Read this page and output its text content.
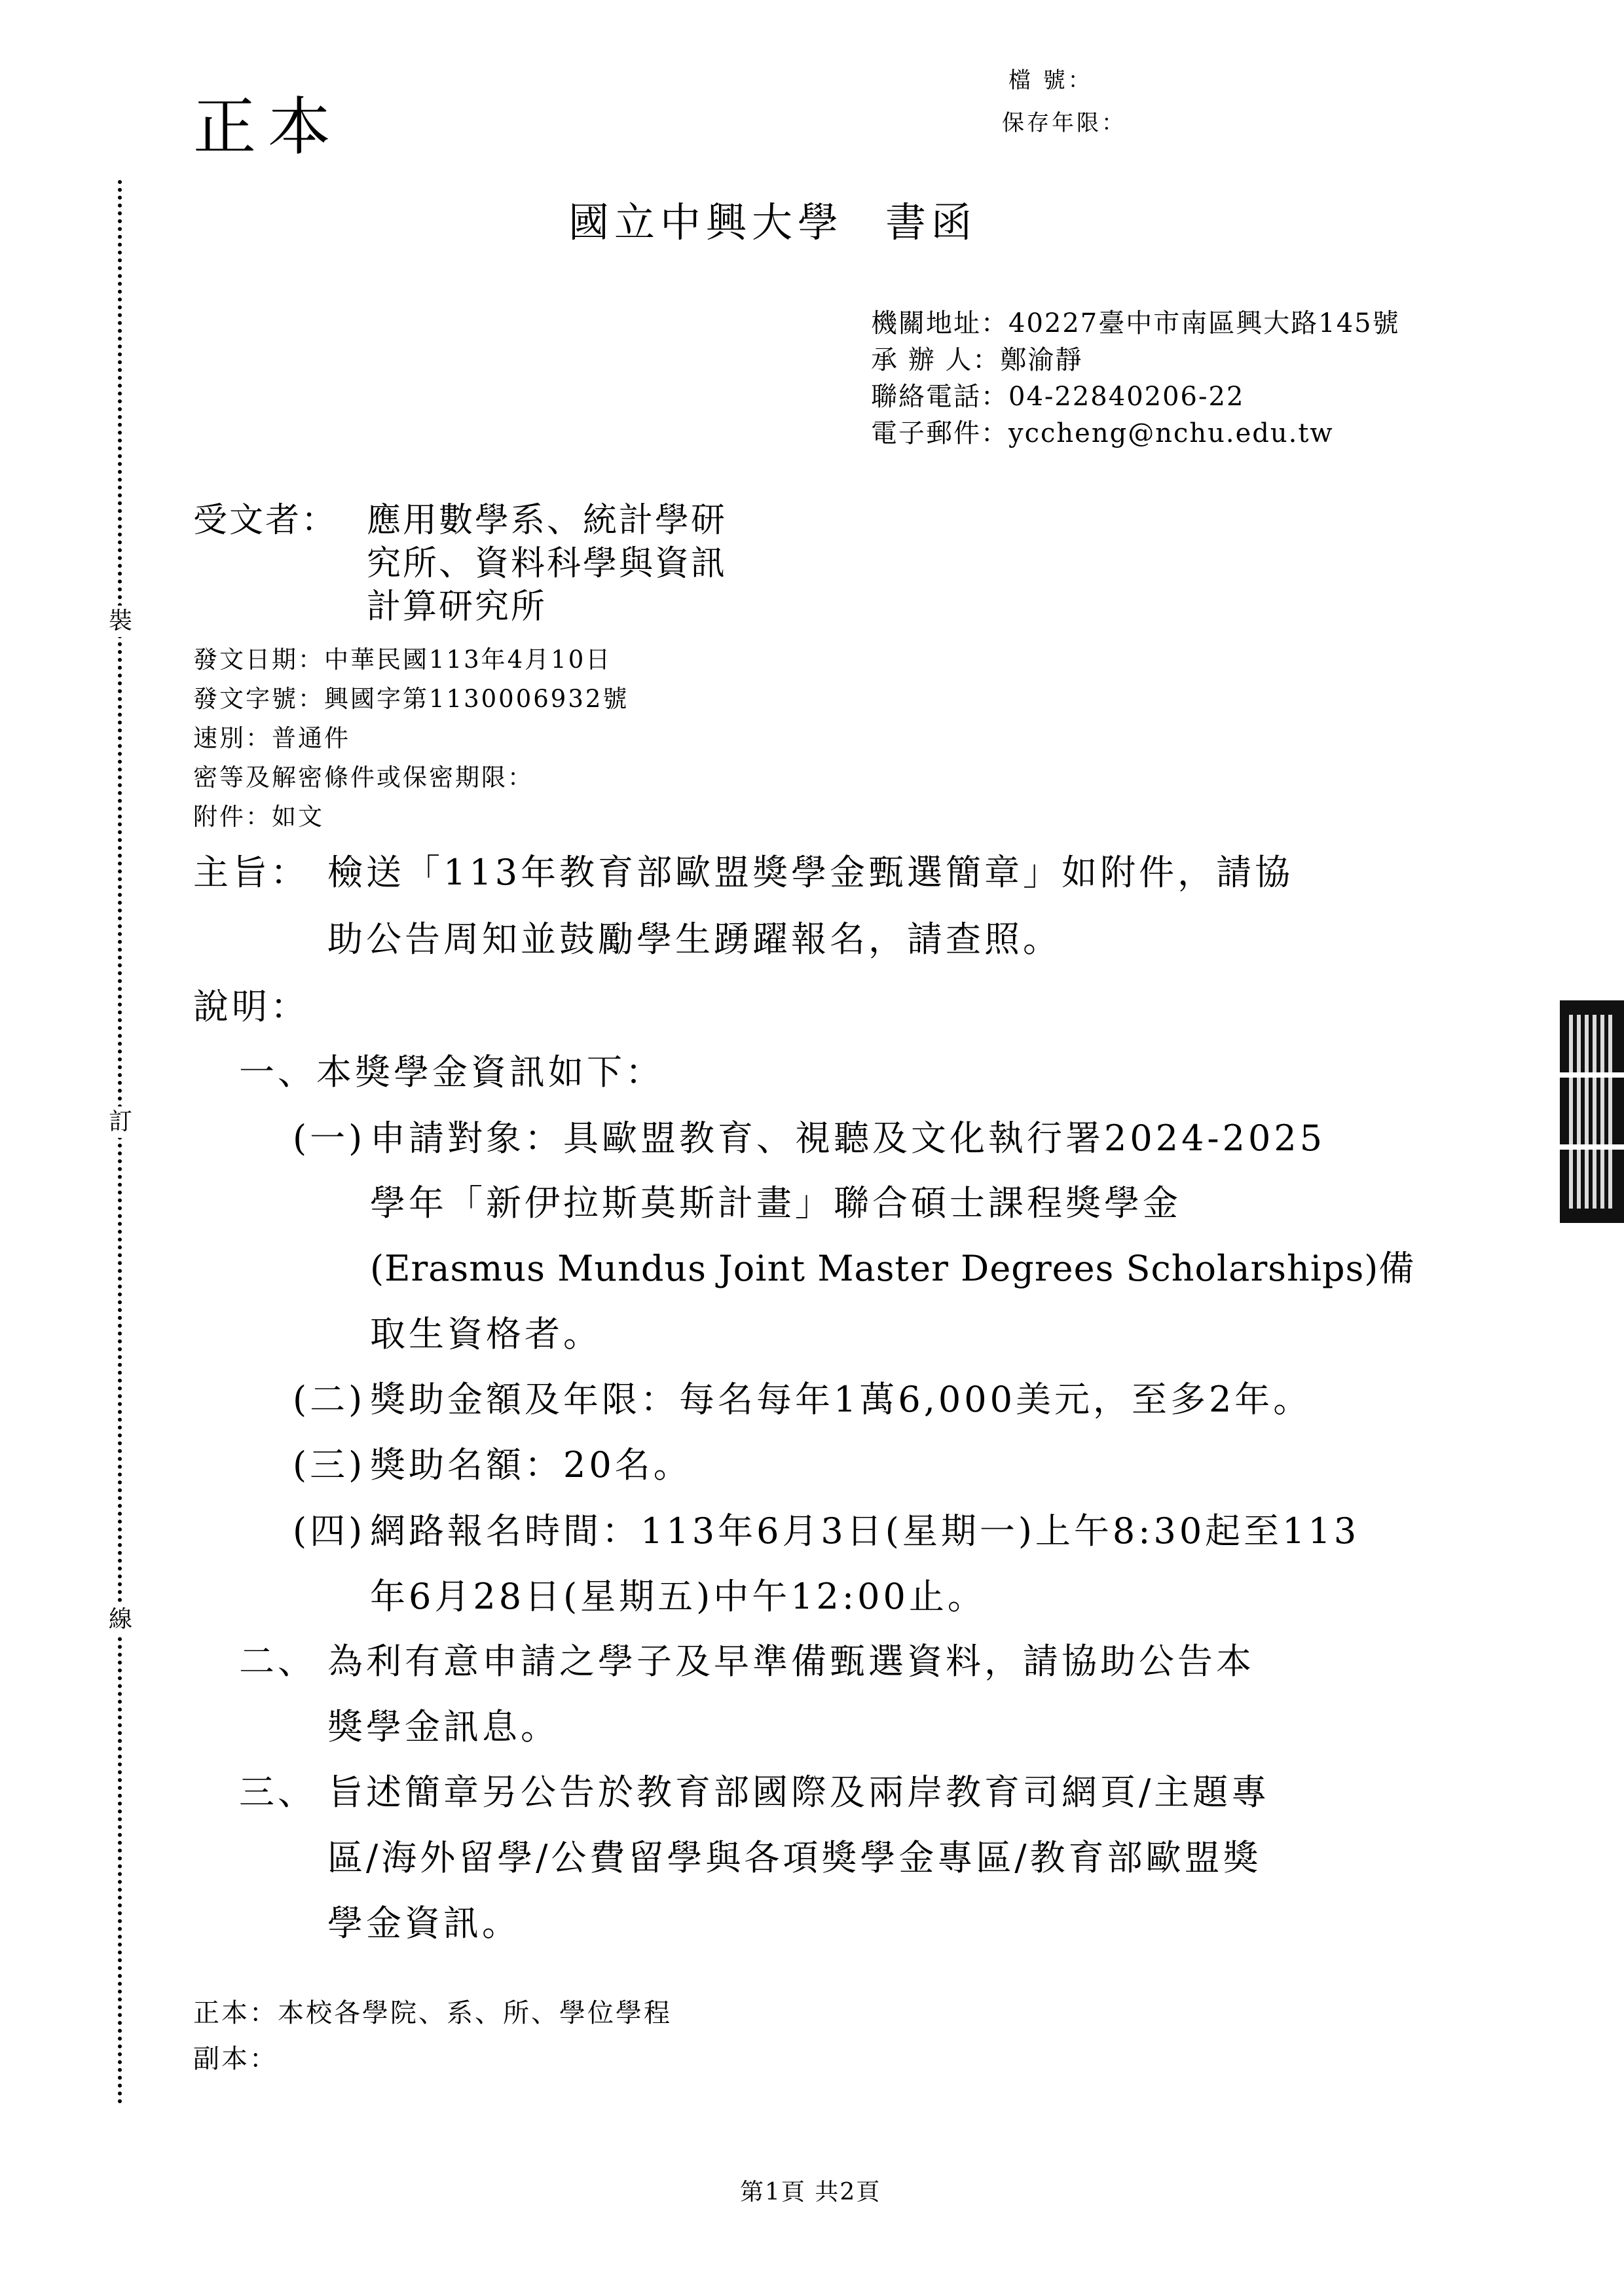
正本
檔 號：
保存年限：
裝
訂
線
國立中興大學 書函
機關地址：40227臺中市南區興大路145號
承 辦 人：鄭渝靜
聯絡電話：04-22840206-22
電子郵件：yccheng@nchu.edu.tw
受文者： 應用數學系、統計學研
究所、資料科學與資訊
計算研究所
發文日期：中華民國113年4月10日
發文字號：興國字第1130006932號
速別：普通件
密等及解密條件或保密期限：
附件：如文
主旨： 檢送「113年教育部歐盟獎學金甄選簡章」如附件，請協
助公告周知並鼓勵學生踴躍報名，請查照。
說明：
一、本獎學金資訊如下：
(一) 申請對象：具歐盟教育、視聽及文化執行署2024-2025
學年「新伊拉斯莫斯計畫」聯合碩士課程獎學金
(Erasmus Mundus Joint Master Degrees Scholarships)備
取生資格者。
(二) 獎助金額及年限：每名每年1萬6,000美元，至多2年。
(三) 獎助名額：20名。
(四) 網路報名時間：113年6月3日(星期一)上午8:30起至113
年6月28日(星期五)中午12:00止。
二、 為利有意申請之學子及早準備甄選資料，請協助公告本
獎學金訊息。
三、 旨述簡章另公告於教育部國際及兩岸教育司網頁/主題專
區/海外留學/公費留學與各項獎學金專區/教育部歐盟獎
學金資訊。
正本：本校各學院、系、所、學位學程
副本：
第1頁 共2頁
